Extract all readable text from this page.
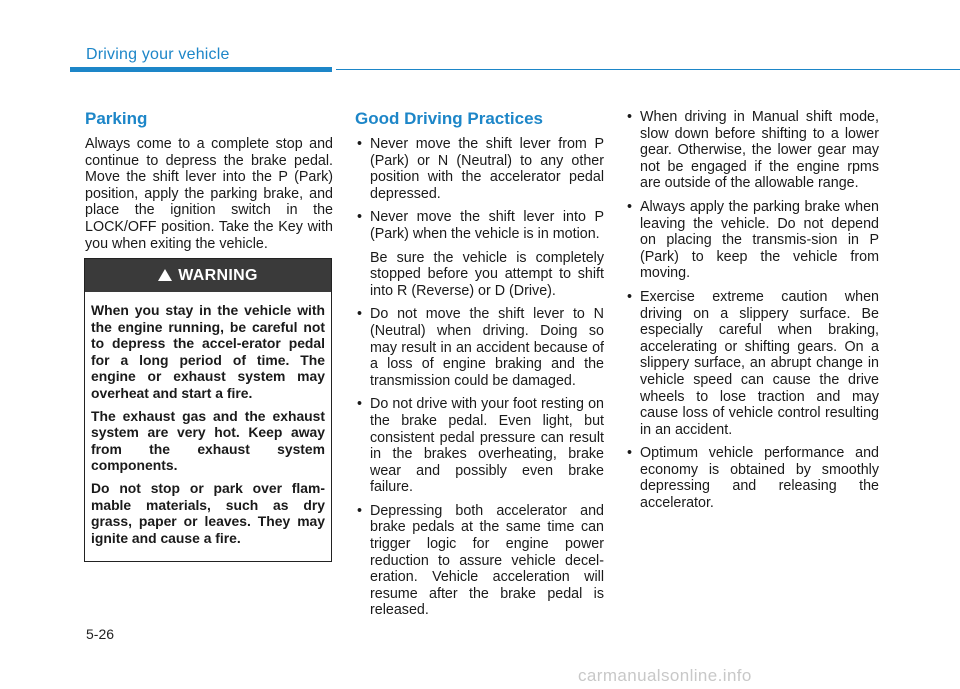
Driving your vehicle
Parking

Always come to a complete stop and continue to depress the brake pedal. Move the shift lever into the P (Park) position, apply the parking brake, and place the ignition switch in the LOCK/OFF position. Take the Key with you when exiting the vehicle.

WARNING

When you stay in the vehicle with the engine running, be careful not to depress the accel-erator pedal for a long period of time. The engine or exhaust system may overheat and start a fire.

The exhaust gas and the exhaust system are very hot. Keep away from the exhaust system components.

Do not stop or park over flam-mable materials, such as dry grass, paper or leaves. They may ignite and cause a fire.

Good Driving Practices
• Never move the shift lever from P (Park) or N (Neutral) to any other position with the accelerator pedal depressed.
• Never move the shift lever into P (Park) when the vehicle is in motion.
Be sure the vehicle is completely stopped before you attempt to shift into R (Reverse) or D (Drive).
• Do not move the shift lever to N (Neutral) when driving. Doing so may result in an accident because of a loss of engine braking and the transmission could be damaged.
• Do not drive with your foot resting on the brake pedal. Even light, but consistent pedal pressure can result in the brakes overheating, brake wear and possibly even brake failure.
• Depressing both accelerator and brake pedals at the same time can trigger logic for engine power reduction to assure vehicle decel-eration. Vehicle acceleration will resume after the brake pedal is released.
• When driving in Manual shift mode, slow down before shifting to a lower gear. Otherwise, the lower gear may not be engaged if the engine rpms are outside of the allowable range.
• Always apply the parking brake when leaving the vehicle. Do not depend on placing the transmis-sion in P (Park) to keep the vehicle from moving.
• Exercise extreme caution when driving on a slippery surface. Be especially careful when braking, accelerating or shifting gears. On a slippery surface, an abrupt change in vehicle speed can cause the drive wheels to lose traction and may cause loss of vehicle control resulting in an accident.
• Optimum vehicle performance and economy is obtained by smoothly depressing and releasing the accelerator.
5-26
carmanualsonline.info
